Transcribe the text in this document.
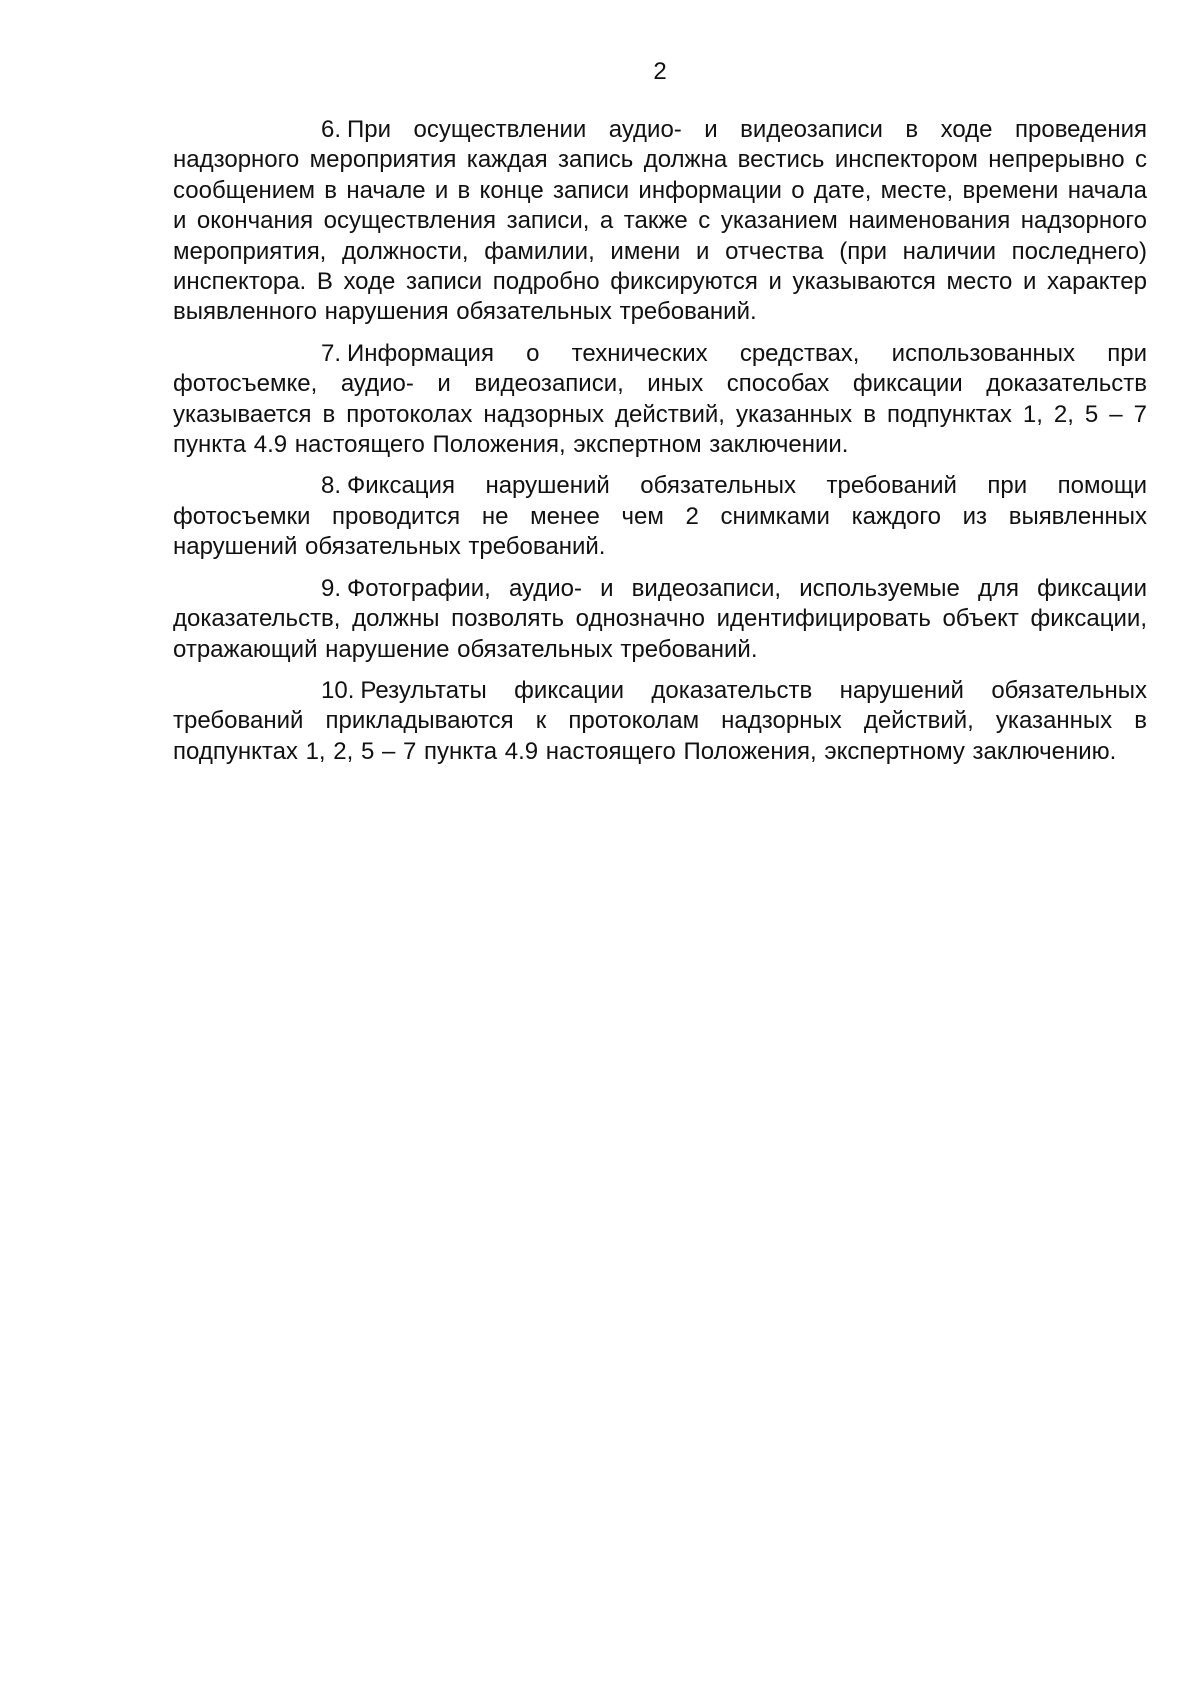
2

6. При осуществлении аудио- и видеозаписи в ходе проведения надзорного мероприятия каждая запись должна вестись инспектором непрерывно с сообщением в начале и в конце записи информации о дате, месте, времени начала и окончания осуществления записи, а также с указанием наименования надзорного мероприятия, должности, фамилии, имени и отчества (при наличии последнего) инспектора. В ходе записи подробно фиксируются и указываются место и характер выявленного нарушения обязательных требований.

7. Информация о технических средствах, использованных при фотосъемке, аудио- и видеозаписи, иных способах фиксации доказательств указывается в протоколах надзорных действий, указанных в подпунктах 1, 2, 5 – 7 пункта 4.9 настоящего Положения, экспертном заключении.

8. Фиксация нарушений обязательных требований при помощи фотосъемки проводится не менее чем 2 снимками каждого из выявленных нарушений обязательных требований.

9. Фотографии, аудио- и видеозаписи, используемые для фиксации доказательств, должны позволять однозначно идентифицировать объект фиксации, отражающий нарушение обязательных требований.

10. Результаты фиксации доказательств нарушений обязательных требований прикладываются к протоколам надзорных действий, указанных в подпунктах 1, 2, 5 – 7 пункта 4.9 настоящего Положения, экспертному заключению.
